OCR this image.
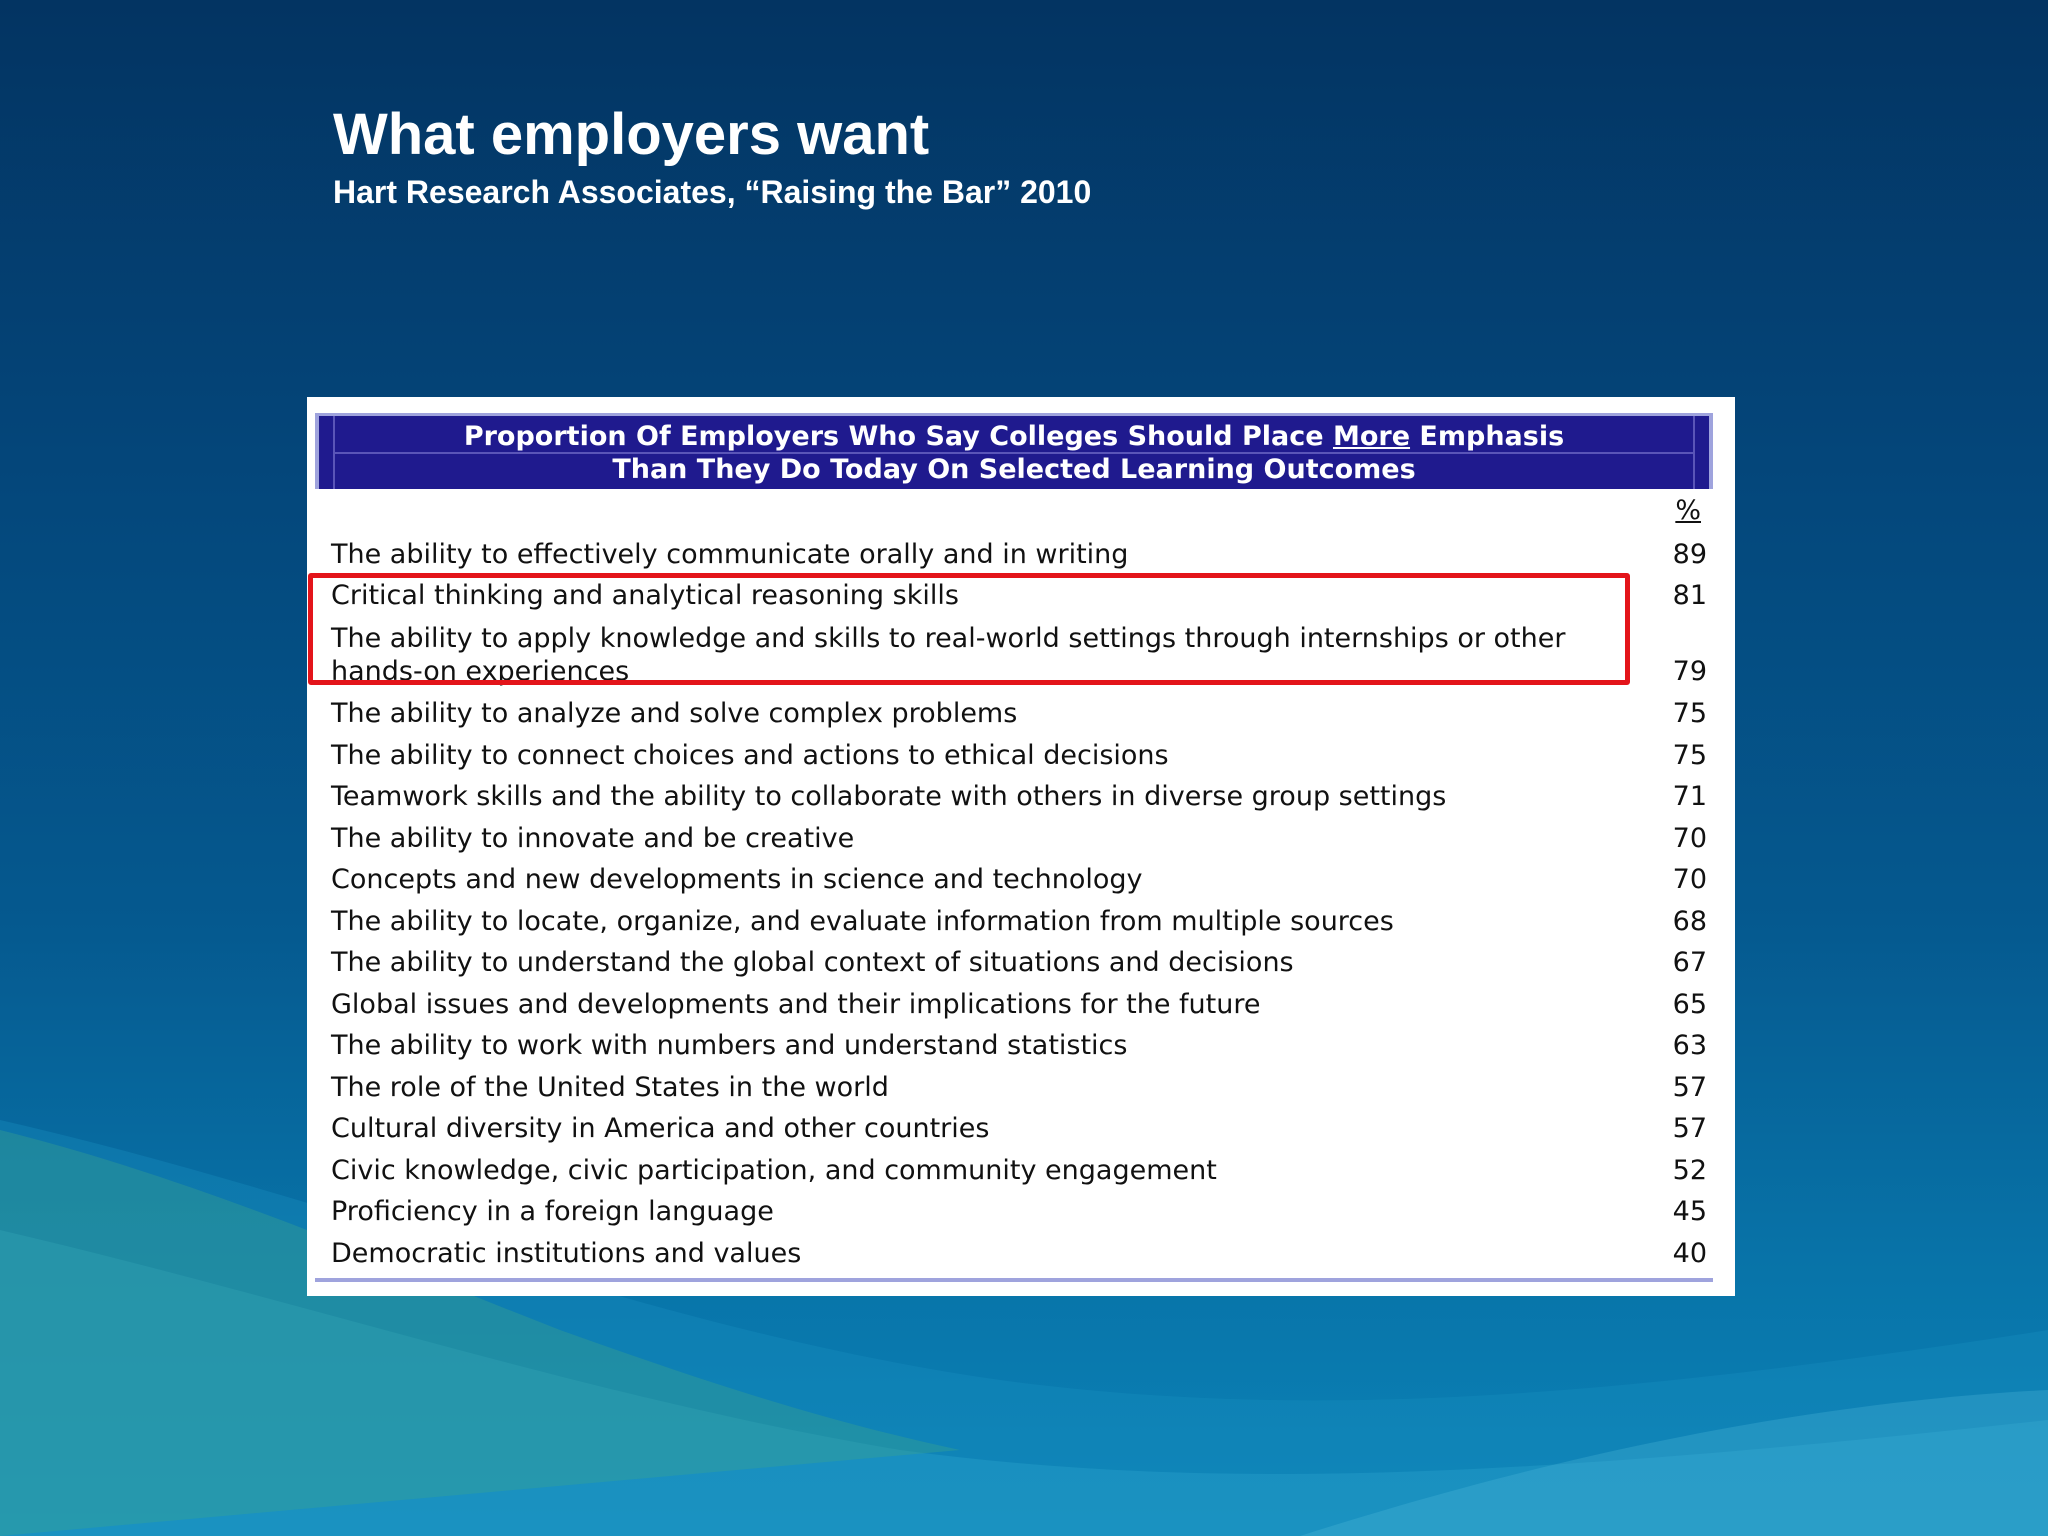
What employers want
Hart Research Associates, “Raising the Bar” 2010
Proportion Of Employers Who Say Colleges Should Place More Emphasis
Than They Do Today On Selected Learning Outcomes
%
The ability to effectively communicate orally and in writing	89
Critical thinking and analytical reasoning skills	81
The ability to apply knowledge and skills to real-world settings through internships or other hands-on experiences	79
The ability to analyze and solve complex problems	75
The ability to connect choices and actions to ethical decisions	75
Teamwork skills and the ability to collaborate with others in diverse group settings	71
The ability to innovate and be creative	70
Concepts and new developments in science and technology	70
The ability to locate, organize, and evaluate information from multiple sources	68
The ability to understand the global context of situations and decisions	67
Global issues and developments and their implications for the future	65
The ability to work with numbers and understand statistics	63
The role of the United States in the world	57
Cultural diversity in America and other countries	57
Civic knowledge, civic participation, and community engagement	52
Proficiency in a foreign language	45
Democratic institutions and values	40
